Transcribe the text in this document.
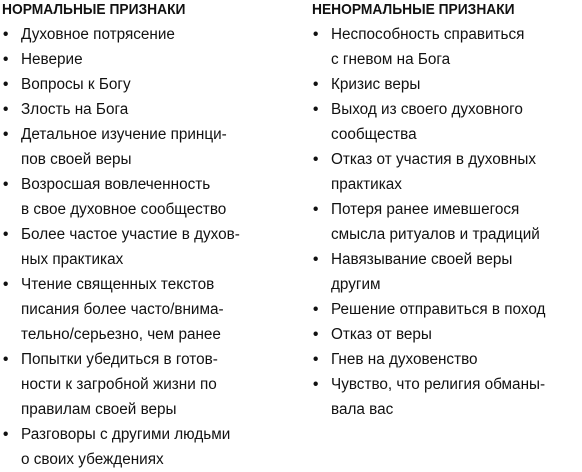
НОРМАЛЬНЫЕ ПРИЗНАКИ
• Духовное потрясение
• Неверие
• Вопросы к Богу
• Злость на Бога
• Детальное изучение принци-
пов своей веры
• Возросшая вовлеченность
в свое духовное сообщество
• Более частое участие в духов-
ных практиках
• Чтение священных текстов
писания более часто/внима-
тельно/серьезно, чем ранее
• Попытки убедиться в готов-
ности к загробной жизни по
правилам своей веры
• Разговоры с другими людьми
о своих убеждениях
НЕНОРМАЛЬНЫЕ ПРИЗНАКИ
• Неспособность справиться
с гневом на Бога
• Кризис веры
• Выход из своего духовного
сообщества
• Отказ от участия в духовных
практиках
• Потеря ранее имевшегося
смысла ритуалов и традиций
• Навязывание своей веры
другим
• Решение отправиться в поход
• Отказ от веры
• Гнев на духовенство
• Чувство, что религия обманы-
вала вас
